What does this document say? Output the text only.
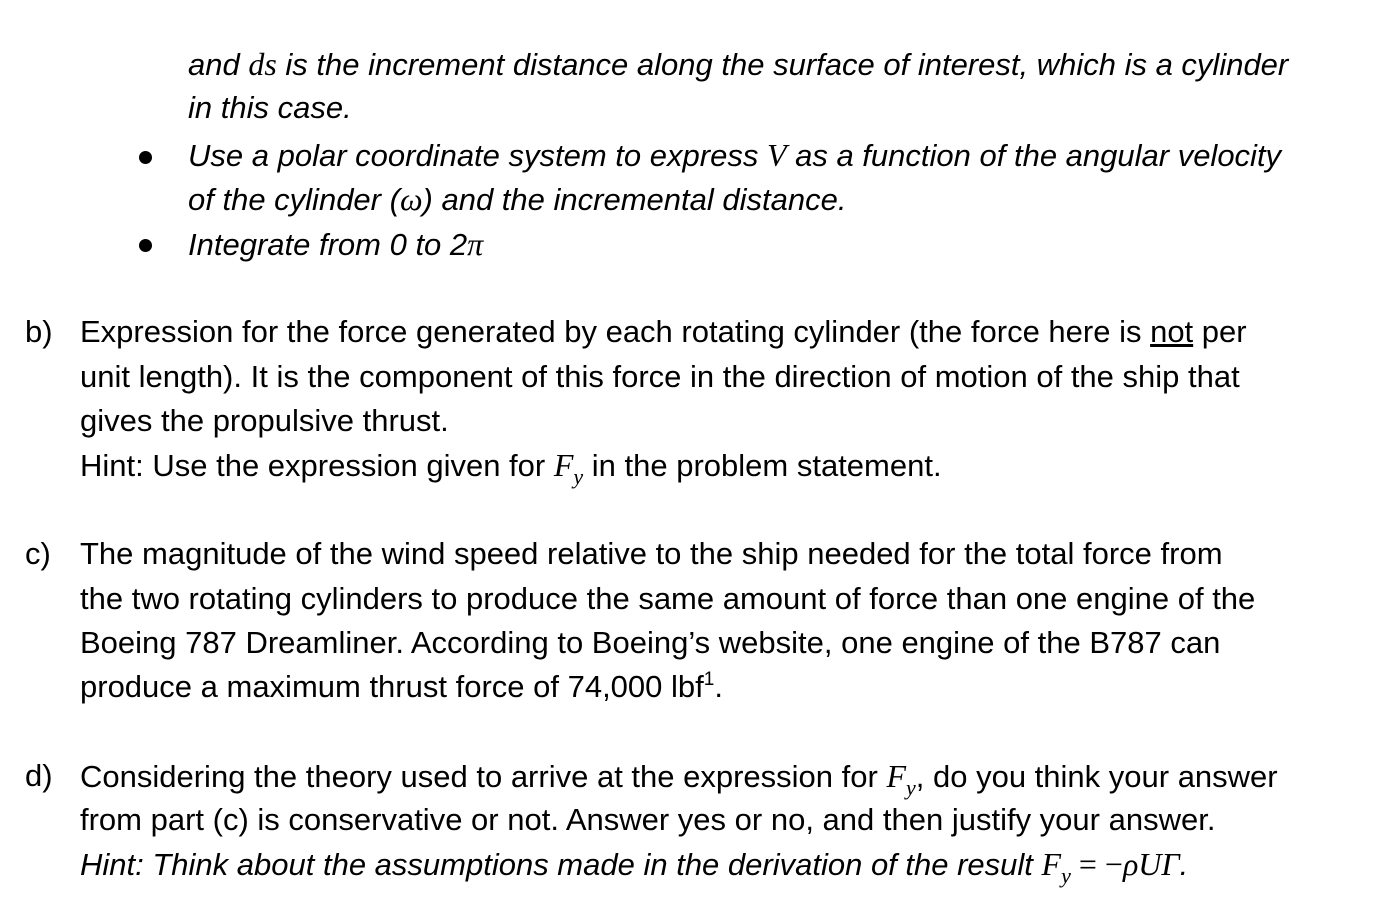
and ds is the increment distance along the surface of interest, which is a cylinder
in this case.
Use a polar coordinate system to express V as a function of the angular velocity
of the cylinder (ω) and the incremental distance.
Integrate from 0 to 2π
b) Expression for the force generated by each rotating cylinder (the force here is not per
unit length). It is the component of this force in the direction of motion of the ship that
gives the propulsive thrust.
Hint: Use the expression given for $F_y$ in the problem statement.
c) The magnitude of the wind speed relative to the ship needed for the total force from
the two rotating cylinders to produce the same amount of force than one engine of the
Boeing 787 Dreamliner. According to Boeing’s website, one engine of the B787 can
produce a maximum thrust force of 74,000 lbf$^1$.
d) Considering the theory used to arrive at the expression for $F_y$, do you think your answer
from part (c) is conservative or not. Answer yes or no, and then justify your answer.
Hint: Think about the assumptions made in the derivation of the result $F_y = -\rho U\Gamma$.
